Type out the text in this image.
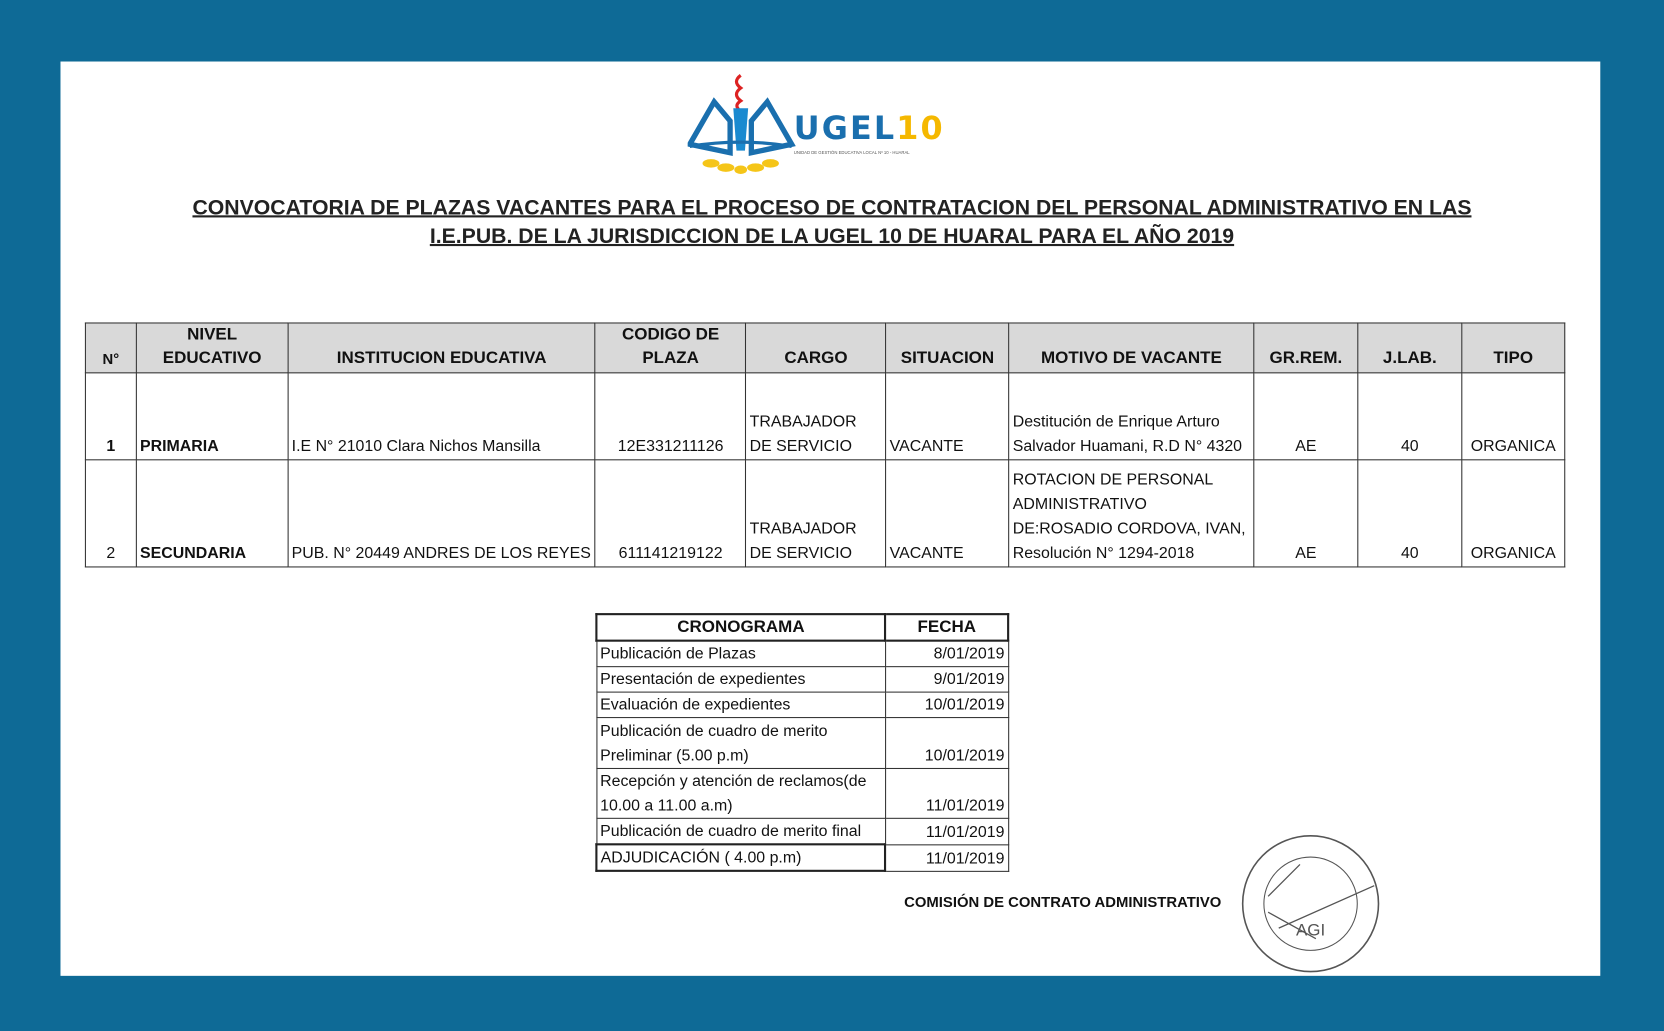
UGEL10
UNIDAD DE GESTIÓN EDUCATIVA LOCAL Nº 10 - HUARAL
CONVOCATORIA DE PLAZAS VACANTES PARA EL PROCESO DE CONTRATACION DEL PERSONAL ADMINISTRATIVO EN LAS
I.E.PUB. DE LA JURISDICCION DE LA UGEL 10 DE HUARAL PARA EL AÑO 2019
N°	NIVEL EDUCATIVO	INSTITUCION EDUCATIVA	CODIGO DE PLAZA	CARGO	SITUACION	MOTIVO DE VACANTE	GR.REM.	J.LAB.	TIPO
1	PRIMARIA	I.E N° 21010 Clara Nichos Mansilla	12E331211126	TRABAJADOR DE SERVICIO	VACANTE	Destitución de Enrique Arturo Salvador Huamani, R.D N° 4320	AE	40	ORGANICA
2	SECUNDARIA	PUB. N° 20449 ANDRES DE LOS REYES	611141219122	TRABAJADOR DE SERVICIO	VACANTE	ROTACION DE PERSONAL ADMINISTRATIVO DE:ROSADIO CORDOVA, IVAN, Resolución N° 1294-2018	AE	40	ORGANICA
CRONOGRAMA	FECHA
Publicación de Plazas	8/01/2019
Presentación de expedientes	9/01/2019
Evaluación de expedientes	10/01/2019
Publicación de cuadro de merito Preliminar (5.00 p.m)	10/01/2019
Recepción y atención de reclamos(de 10.00 a 11.00 a.m)	11/01/2019
Publicación de cuadro de merito final	11/01/2019
ADJUDICACIÓN ( 4.00 p.m)	11/01/2019
COMISIÓN DE CONTRATO ADMINISTRATIVO
AGI
